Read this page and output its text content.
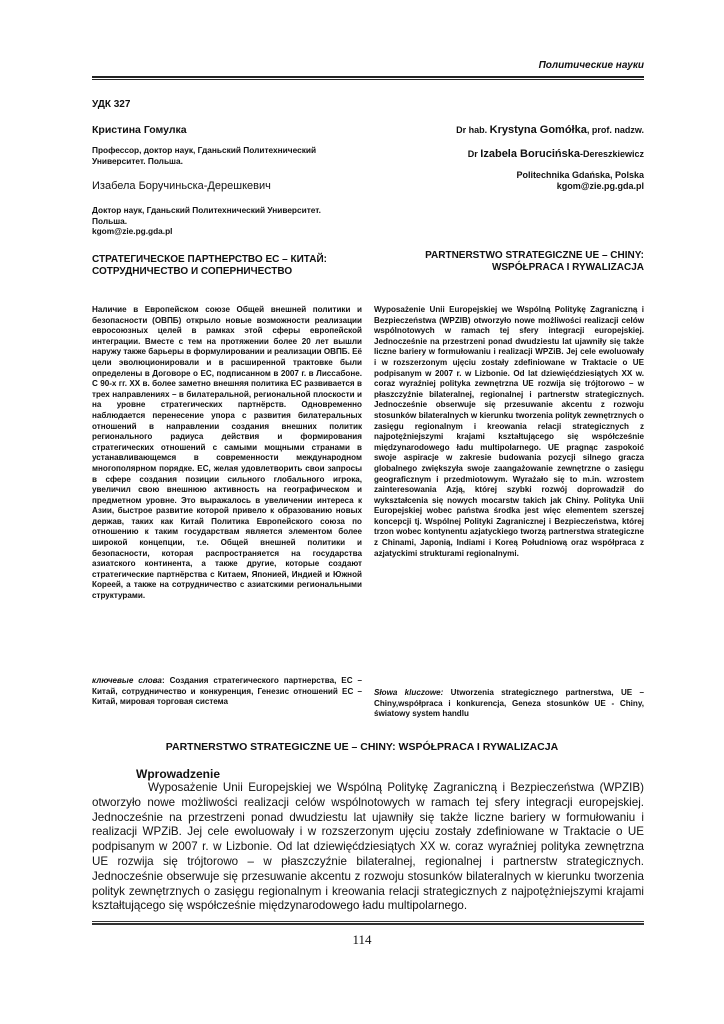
Политические науки
УДК 327
Кристина Гомулка
Профессор, доктор наук, Гданьский Политехнический Университет. Польша.
Изабела Боручиньска-Дерешкевич
Доктор наук, Гданьский Политехнический Университет. Польша.
kgom@zie.pg.gda.pl
СТРАТЕГИЧЕСКОЕ ПАРТНЕРСТВО ЕС – КИТАЙ: СОТРУДНИЧЕСТВО И СОПЕРНИЧЕСТВО
Наличие в Европейском союзе Общей внешней политики и безопасности (ОВПБ) открыло новые возможности реализации евросоюзных целей в рамках этой сферы европейской интеграции. Вместе с тем на протяжении более 20 лет вышли наружу также барьеры в формулировании и реализации ОВПБ. Её цели эволюционировали и в расширенной трактовке были определены в Договоре о ЕС, подписанном в 2007 г. в Лиссабоне. С 90-х гг. XX в. более заметно внешняя политика ЕС развивается в трех направлениях – в билатеральной, региональной плоскости и на уровне стратегических партнёрств. Одновременно наблюдается перенесение упора с развития билатеральных отношений в направлении создания внешних политик регионального радиуса действия и формирования стратегических отношений с самыми мощными странами в устанавливающемся в современности международном многополярном порядке. ЕС, желая удовлетворить свои запросы в сфере создания позиции сильного глобального игрока, увеличил свою внешнюю активность на географическом и предметном уровне. Это выражалось в увеличении интереса к Азии, быстрое развитие которой привело к образованию новых держав, таких как Китай Политика Европейского союза по отношению к таким государствам является элементом более широкой концепции, т.е. Общей внешней политики и безопасности, которая распространяется на государства азиатского континента, а также другие, которые создают стратегические партнёрства с Китаем, Японией, Индией и Южной Кореей, а также на сотрудничество с азиатскими региональными структурами.
ключевые слова: Создания стратегического партнерства, ЕС – Китай, сотрудничество и конкуренция, Генезис отношений ЕС – Китай, мировая торговая система
Dr hab. Krystyna Gomółka, prof. nadzw.
Dr Izabela Borucińska-Dereszkiewicz
Politechnika Gdańska, Polska
kgom@zie.pg.gda.pl
PARTNERSTWO STRATEGICZNE UE – CHINY: WSPÓŁPRACA I RYWALIZACJA
Wyposażenie Unii Europejskiej we Wspólną Politykę Zagraniczną i Bezpieczeństwa (WPZIB) otworzyło nowe możliwości realizacji celów wspólnotowych w ramach tej sfery integracji europejskiej. Jednocześnie na przestrzeni ponad dwudziestu lat ujawniły się także liczne bariery w formułowaniu i realizacji WPZiB. Jej cele ewoluowały i w rozszerzonym ujęciu zostały zdefiniowane w Traktacie o UE podpisanym w 2007 r. w Lizbonie. Od lat dziewięćdziesiątych XX w. coraz wyraźniej polityka zewnętrzna UE rozwija się trójtorowo – w płaszczyźnie bilateralnej, regionalnej i partnerstw strategicznych. Jednocześnie obserwuje się przesuwanie akcentu z rozwoju stosunków bilateralnych w kierunku tworzenia polityk zewnętrznych o zasięgu regionalnym i kreowania relacji strategicznych z najpotężniejszymi krajami kształtującego się współcześnie międzynarodowego ładu multipolarnego. UE pragnąc zaspokoić swoje aspiracje w zakresie budowania pozycji silnego gracza globalnego zwiększyła swoje zaangażowanie zewnętrzne o zasięgu geograficznym i przedmiotowym. Wyrażało się to m.in. wzrostem zainteresowania Azją, której szybki rozwój doprowadził do wykształcenia się nowych mocarstw takich jak Chiny. Polityka Unii Europejskiej wobec państwa środka jest więc elementem szerszej koncepcji tj. Wspólnej Polityki Zagranicznej i Bezpieczeństwa, której trzon wobec kontynentu azjatyckiego tworzą partnerstwa strategiczne z Chinami, Japonią, Indiami i Koreą Południową oraz współpraca z azjatyckimi strukturami regionalnymi.
Słowa kluczowe: Utworzenia strategicznego partnerstwa, UE – Chiny,współpraca i konkurencja, Geneza stosunków UE - Chiny, światowy system handlu
PARTNERSTWO STRATEGICZNE UE – CHINY: WSPÓŁPRACA I RYWALIZACJA
Wprowadzenie
Wyposażenie Unii Europejskiej we Wspólną Politykę Zagraniczną i Bezpieczeństwa (WPZIB) otworzyło nowe możliwości realizacji celów wspólnotowych w ramach tej sfery integracji europejskiej. Jednocześnie na przestrzeni ponad dwudziestu lat ujawniły się także liczne bariery w formułowaniu i realizacji WPZiB. Jej cele ewoluowały i w rozszerzonym ujęciu zostały zdefiniowane w Traktacie o UE podpisanym w 2007 r. w Lizbonie. Od lat dziewięćdziesiątych XX w. coraz wyraźniej polityka zewnętrzna UE rozwija się trójtorowo – w płaszczyźnie bilateralnej, regionalnej i partnerstw strategicznych. Jednocześnie obserwuje się przesuwanie akcentu z rozwoju stosunków bilateralnych w kierunku tworzenia polityk zewnętrznych o zasięgu regionalnym i kreowania relacji strategicznych z najpotężniejszymi krajami kształtującego się współcześnie międzynarodowego ładu multipolarnego.
114
